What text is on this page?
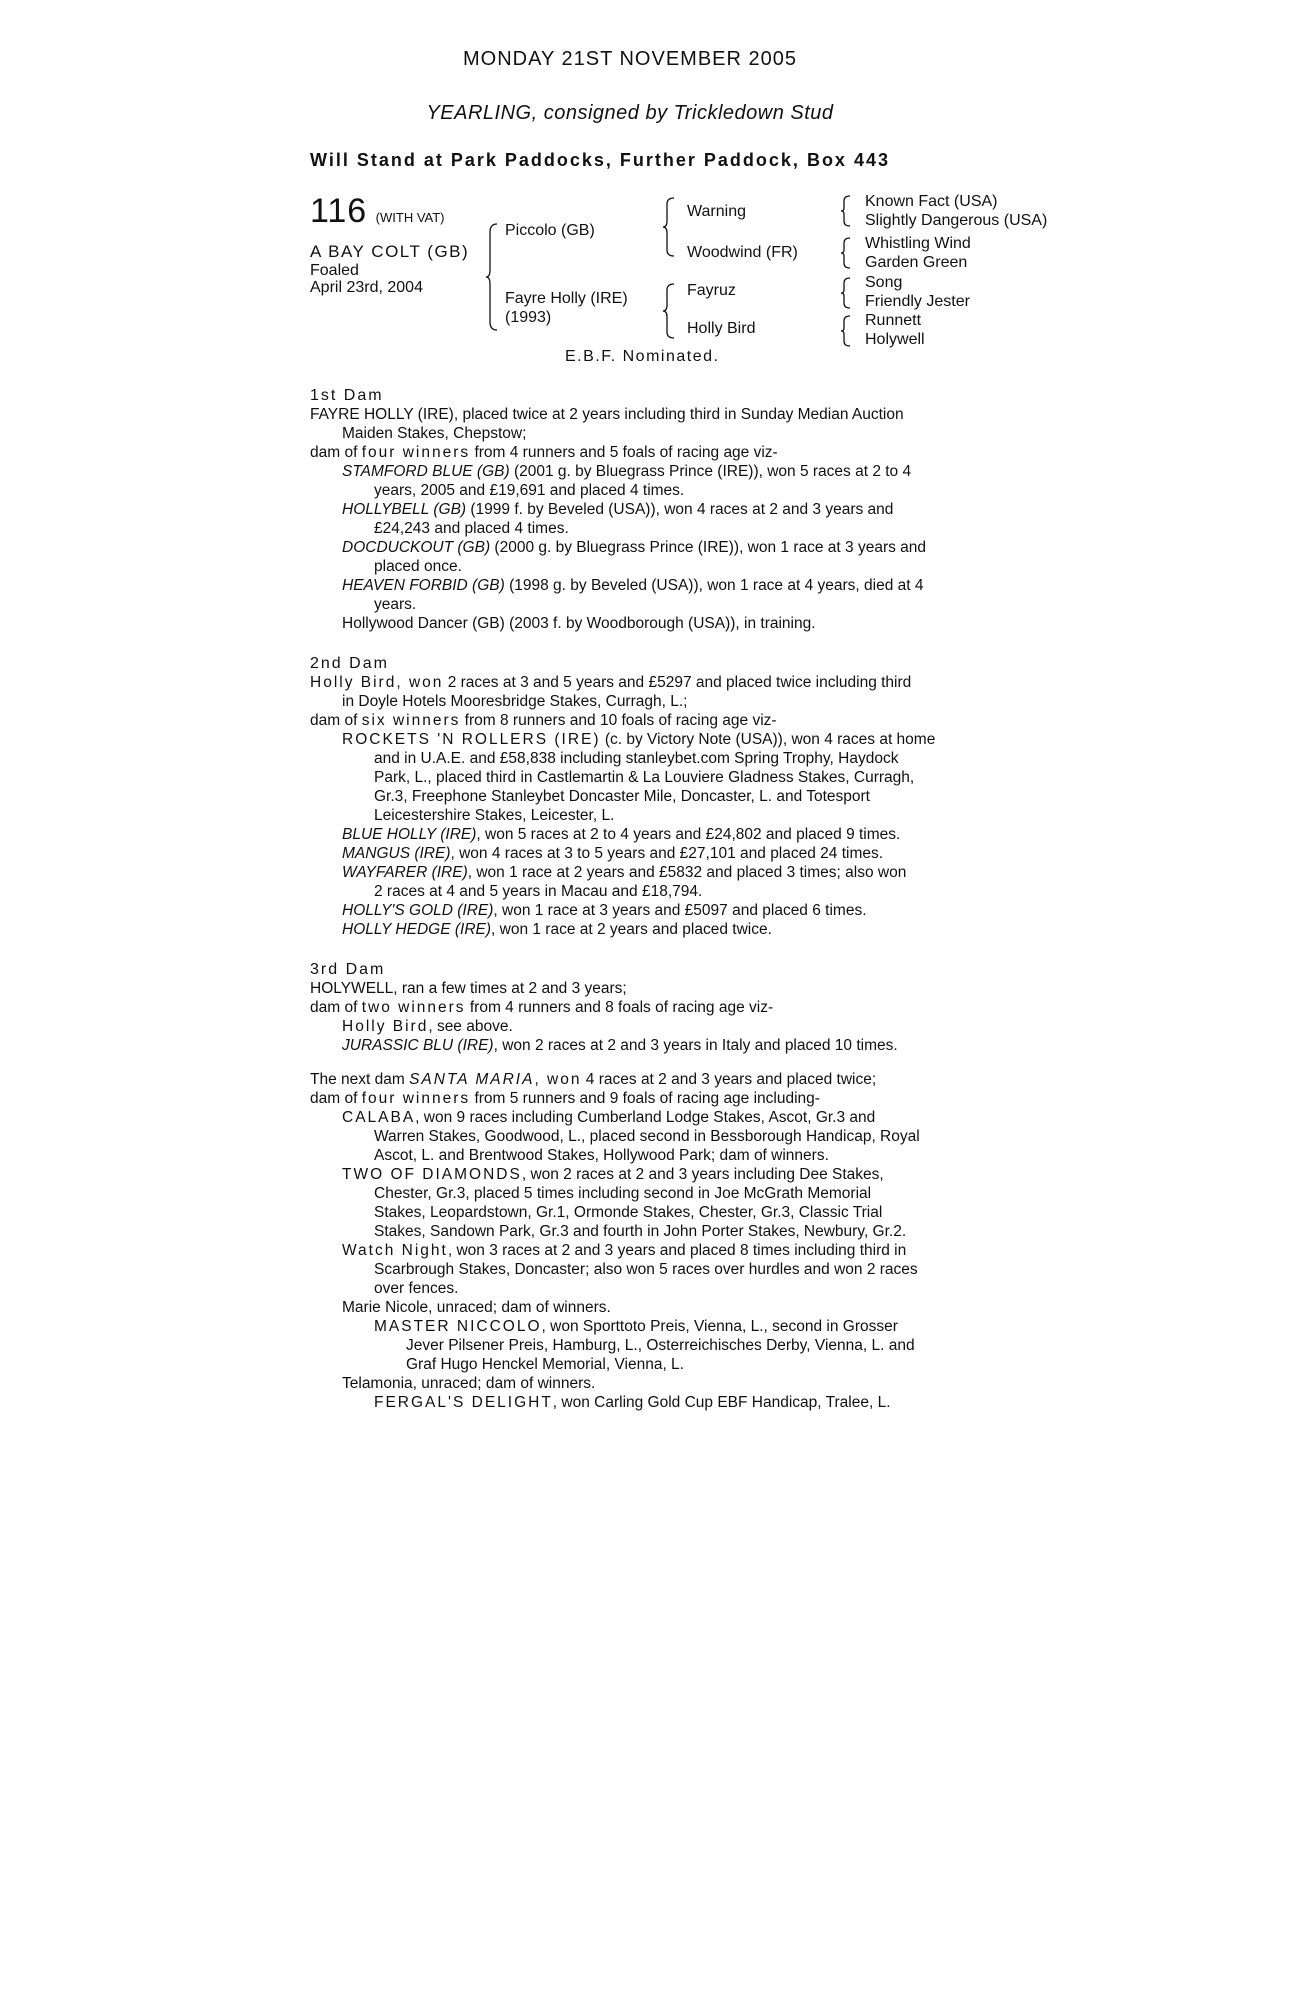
MONDAY 21ST NOVEMBER 2005
YEARLING, consigned by Trickledown Stud
Will Stand at Park Paddocks, Further Paddock, Box 443
116 (WITH VAT)
A BAY COLT (GB)
Foaled
April 23rd, 2004
Piccolo (GB)
Fayre Holly (IRE)
(1993)
Warning
Woodwind (FR)
Fayruz
Holly Bird
Known Fact (USA)
Slightly Dangerous (USA)
Whistling Wind
Garden Green
Song
Friendly Jester
Runnett
Holywell
E.B.F. Nominated.
1st Dam

FAYRE HOLLY (IRE), placed twice at 2 years including third in Sunday Median Auction
Maiden Stakes, Chepstow;

dam of four winners from 4 runners and 5 foals of racing age viz-

STAMFORD BLUE (GB) (2001 g. by Bluegrass Prince (IRE)), won 5 races at 2 to 4
years, 2005 and £19,691 and placed 4 times.

HOLLYBELL (GB) (1999 f. by Beveled (USA)), won 4 races at 2 and 3 years and
£24,243 and placed 4 times.

DOCDUCKOUT (GB) (2000 g. by Bluegrass Prince (IRE)), won 1 race at 3 years and
placed once.

HEAVEN FORBID (GB) (1998 g. by Beveled (USA)), won 1 race at 4 years, died at 4
years.

Hollywood Dancer (GB) (2003 f. by Woodborough (USA)), in training.

2nd Dam

Holly Bird, won 2 races at 3 and 5 years and £5297 and placed twice including third
in Doyle Hotels Mooresbridge Stakes, Curragh, L.;

dam of six winners from 8 runners and 10 foals of racing age viz-

ROCKETS 'N ROLLERS (IRE) (c. by Victory Note (USA)), won 4 races at home
and in U.A.E. and £58,838 including stanleybet.com Spring Trophy, Haydock
Park, L., placed third in Castlemartin & La Louviere Gladness Stakes, Curragh,
Gr.3, Freephone Stanleybet Doncaster Mile, Doncaster, L. and Totesport
Leicestershire Stakes, Leicester, L.

BLUE HOLLY (IRE), won 5 races at 2 to 4 years and £24,802 and placed 9 times.

MANGUS (IRE), won 4 races at 3 to 5 years and £27,101 and placed 24 times.

WAYFARER (IRE), won 1 race at 2 years and £5832 and placed 3 times; also won
2 races at 4 and 5 years in Macau and £18,794.

HOLLY'S GOLD (IRE), won 1 race at 3 years and £5097 and placed 6 times.

HOLLY HEDGE (IRE), won 1 race at 2 years and placed twice.

3rd Dam

HOLYWELL, ran a few times at 2 and 3 years;

dam of two winners from 4 runners and 8 foals of racing age viz-

Holly Bird, see above.

JURASSIC BLU (IRE), won 2 races at 2 and 3 years in Italy and placed 10 times.

The next dam SANTA MARIA, won 4 races at 2 and 3 years and placed twice;

dam of four winners from 5 runners and 9 foals of racing age including-

CALABA, won 9 races including Cumberland Lodge Stakes, Ascot, Gr.3 and
Warren Stakes, Goodwood, L., placed second in Bessborough Handicap, Royal
Ascot, L. and Brentwood Stakes, Hollywood Park; dam of winners.

TWO OF DIAMONDS, won 2 races at 2 and 3 years including Dee Stakes,
Chester, Gr.3, placed 5 times including second in Joe McGrath Memorial
Stakes, Leopardstown, Gr.1, Ormonde Stakes, Chester, Gr.3, Classic Trial
Stakes, Sandown Park, Gr.3 and fourth in John Porter Stakes, Newbury, Gr.2.

Watch Night, won 3 races at 2 and 3 years and placed 8 times including third in
Scarbrough Stakes, Doncaster; also won 5 races over hurdles and won 2 races
over fences.

Marie Nicole, unraced; dam of winners.

MASTER NICCOLO, won Sporttoto Preis, Vienna, L., second in Grosser
Jever Pilsener Preis, Hamburg, L., Osterreichisches Derby, Vienna, L. and
Graf Hugo Henckel Memorial, Vienna, L.

Telamonia, unraced; dam of winners.

FERGAL'S DELIGHT, won Carling Gold Cup EBF Handicap, Tralee, L.
